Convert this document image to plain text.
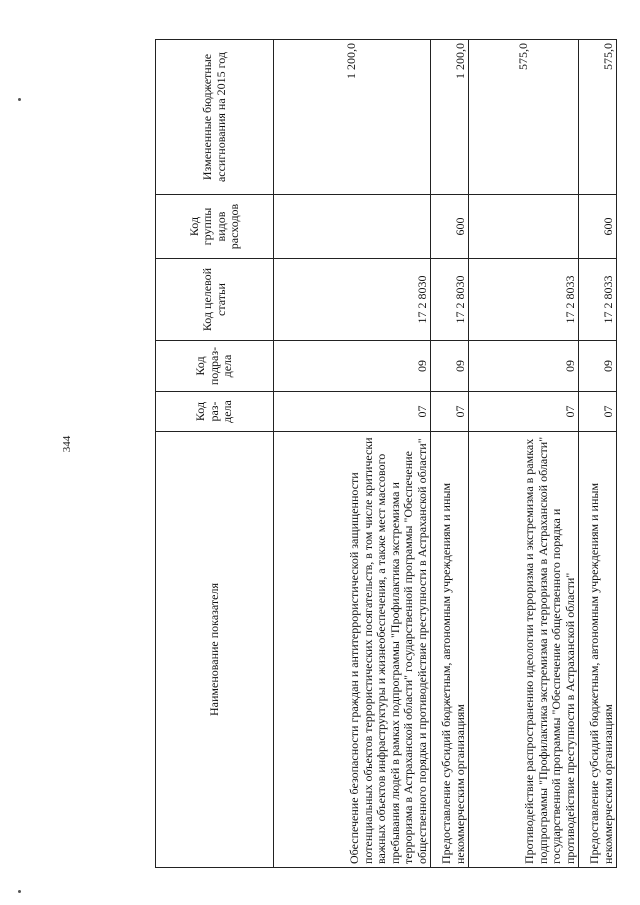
344
Наименование показателя	Код раз- дела	Код подраз- дела	Код целевой статьи	Код группы видов расходов	Измененные бюджетные ассигнования на 2015 год
Обеспечение безопасности граждан и антитеррористической защищенности потенциальных объектов террористических посягательств, в том числе критически важных объектов инфраструктуры и жизнеобеспечения, а также мест массового пребывания людей в рамках подпрограммы "Профилактика экстремизма и терроризма в Астраханской области" государственной программы "Обеспечение общественного порядка и противодействие преступности в Астраханской области"	07	09	17 2 8030		1 200,0
Предоставление субсидий бюджетным, автономным учреждениям и иным некоммерческим организациям	07	09	17 2 8030	600	1 200,0
Противодействие распространению идеологии терроризма и экстремизма в рамках подпрограммы "Профилактика экстремизма и терроризма в Астраханской области" государственной программы "Обеспечение общественного порядка и противодействие преступности в Астраханской области"	07	09	17 2 8033		575,0
Предоставление субсидий бюджетным, автономным учреждениям и иным некоммерческим организациям	07	09	17 2 8033	600	575,0
